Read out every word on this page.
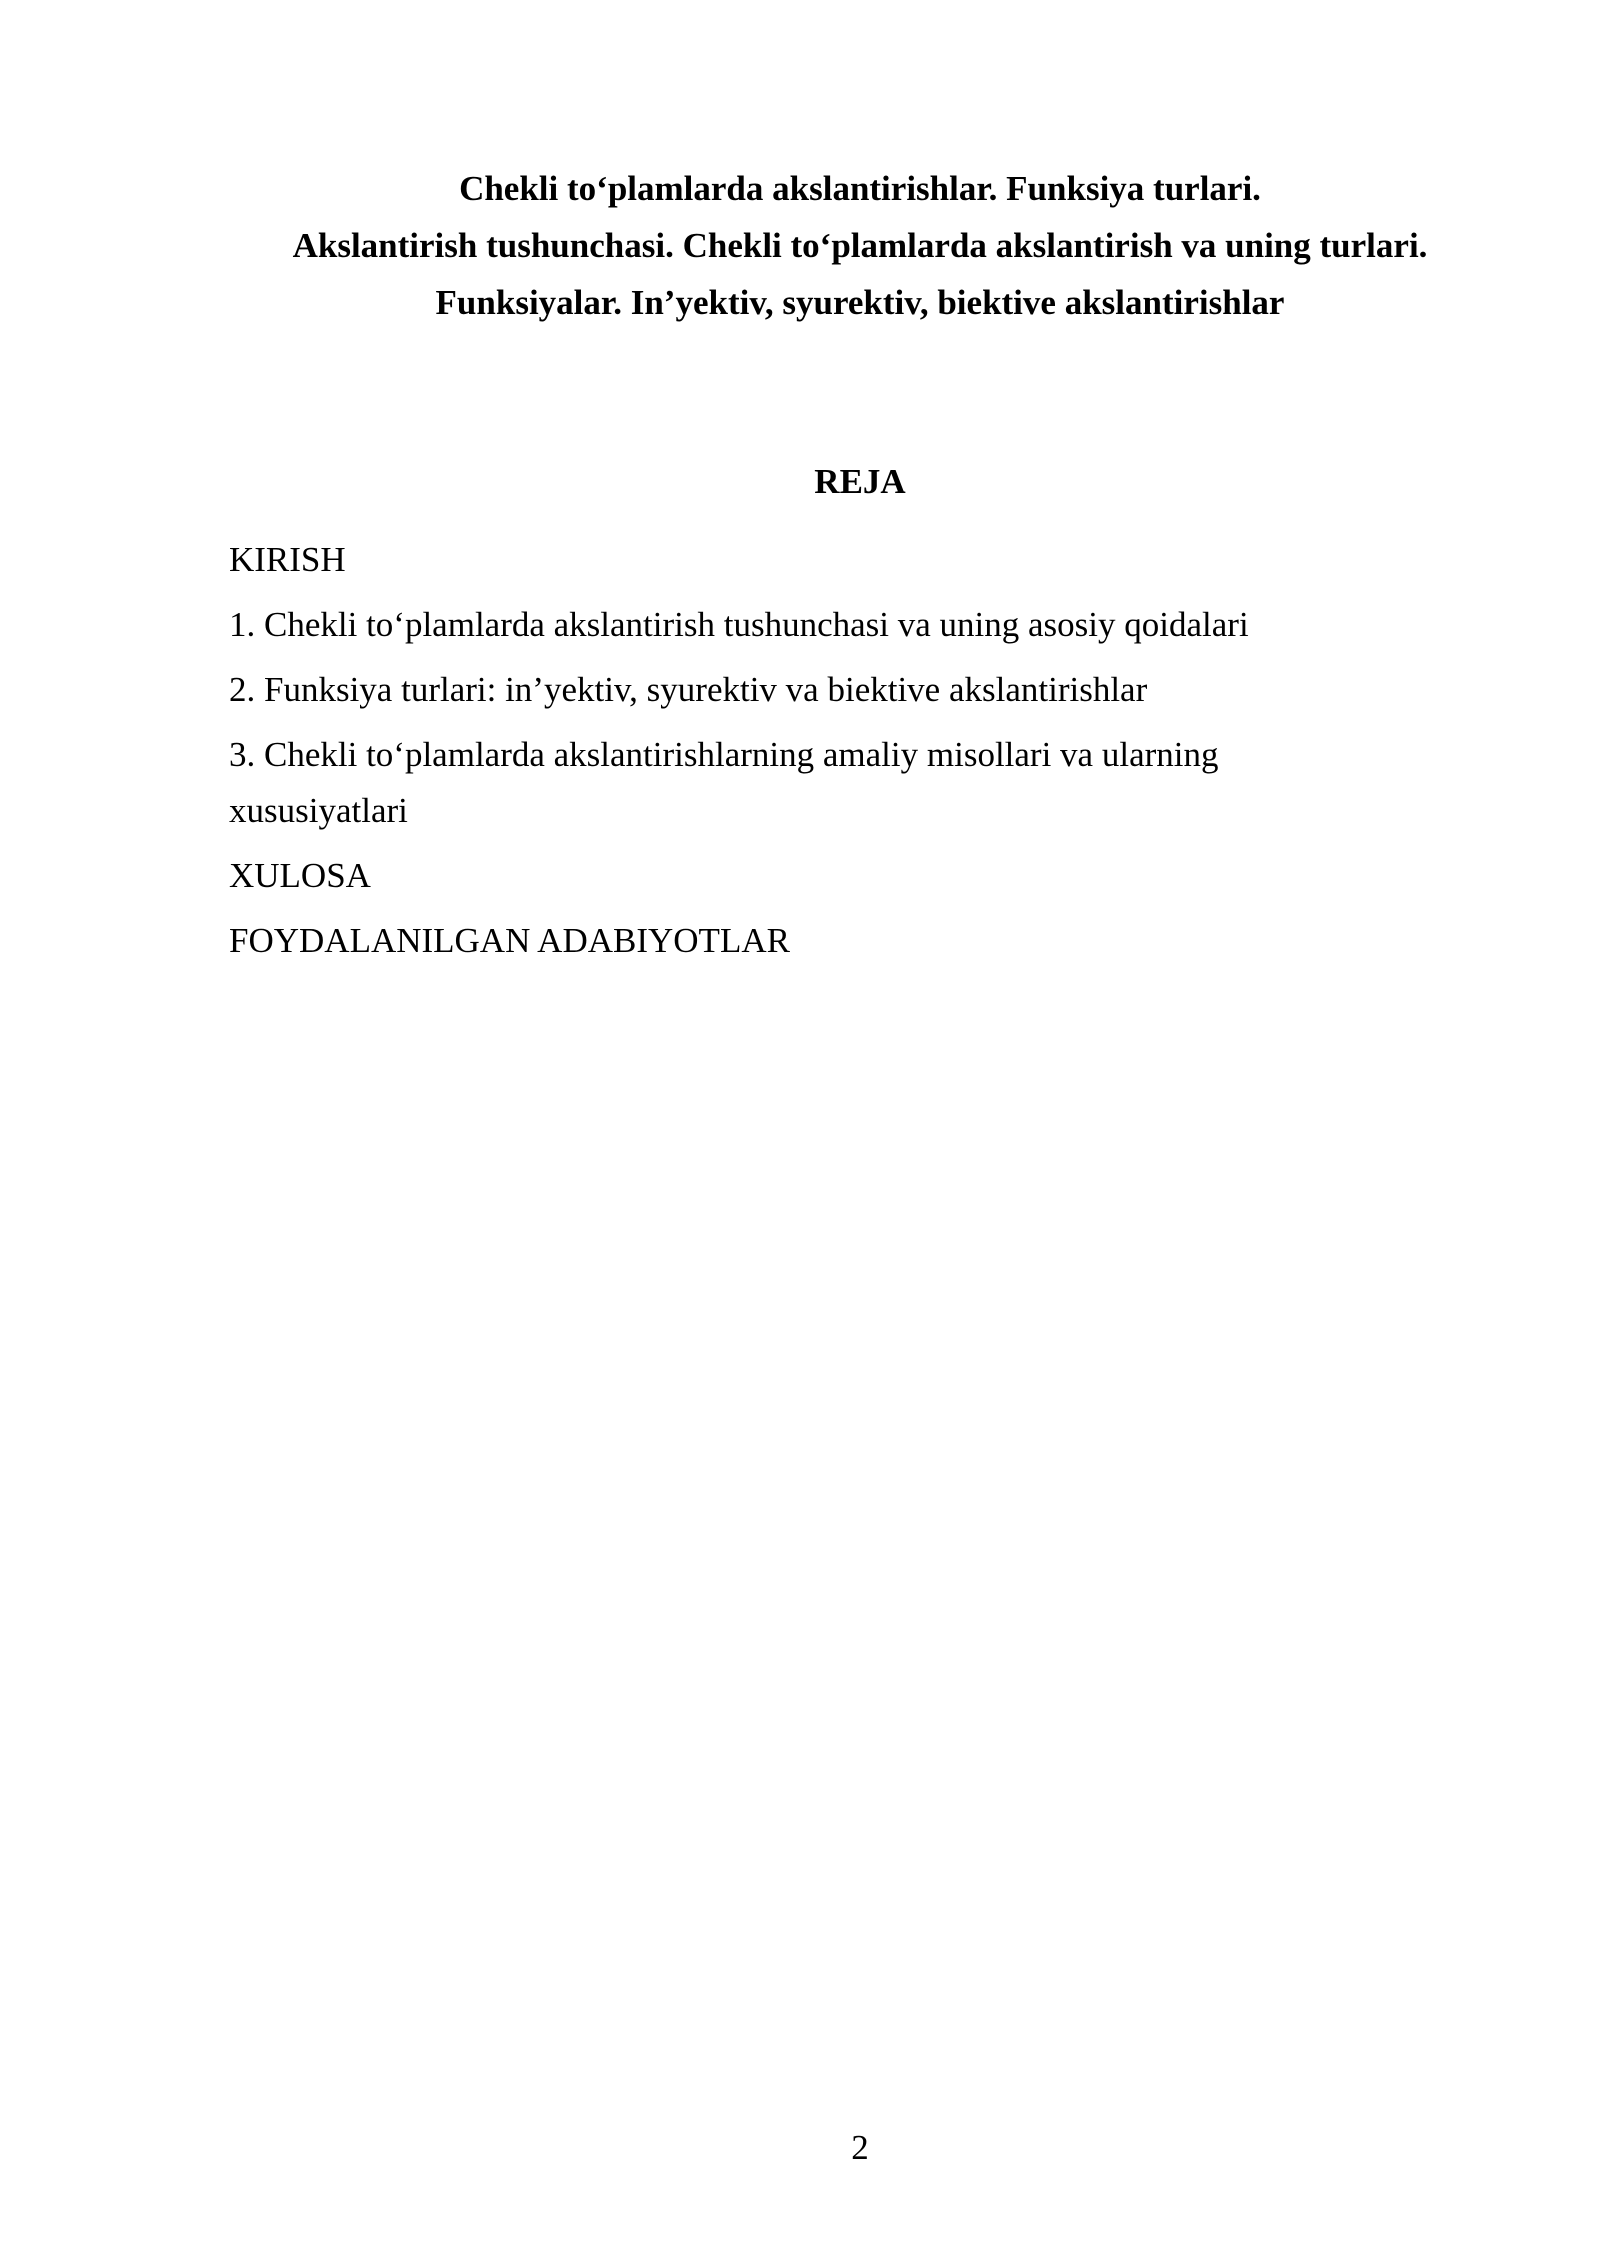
Chekli to‘plamlarda akslantirishlar. Funksiya turlari.
Akslantirish tushunchasi. Chekli to‘plamlarda akslantirish va uning turlari.
Funksiyalar. In’yektiv, syurektiv, biektive akslantirishlar
REJA
KIRISH
1. Chekli to‘plamlarda akslantirish tushunchasi va uning asosiy qoidalari
2. Funksiya turlari: in’yektiv, syurektiv va biektive akslantirishlar
3. Chekli to‘plamlarda akslantirishlarning amaliy misollari va ularning xususiyatlari
XULOSA
FOYDALANILGAN ADABIYOTLAR
2
